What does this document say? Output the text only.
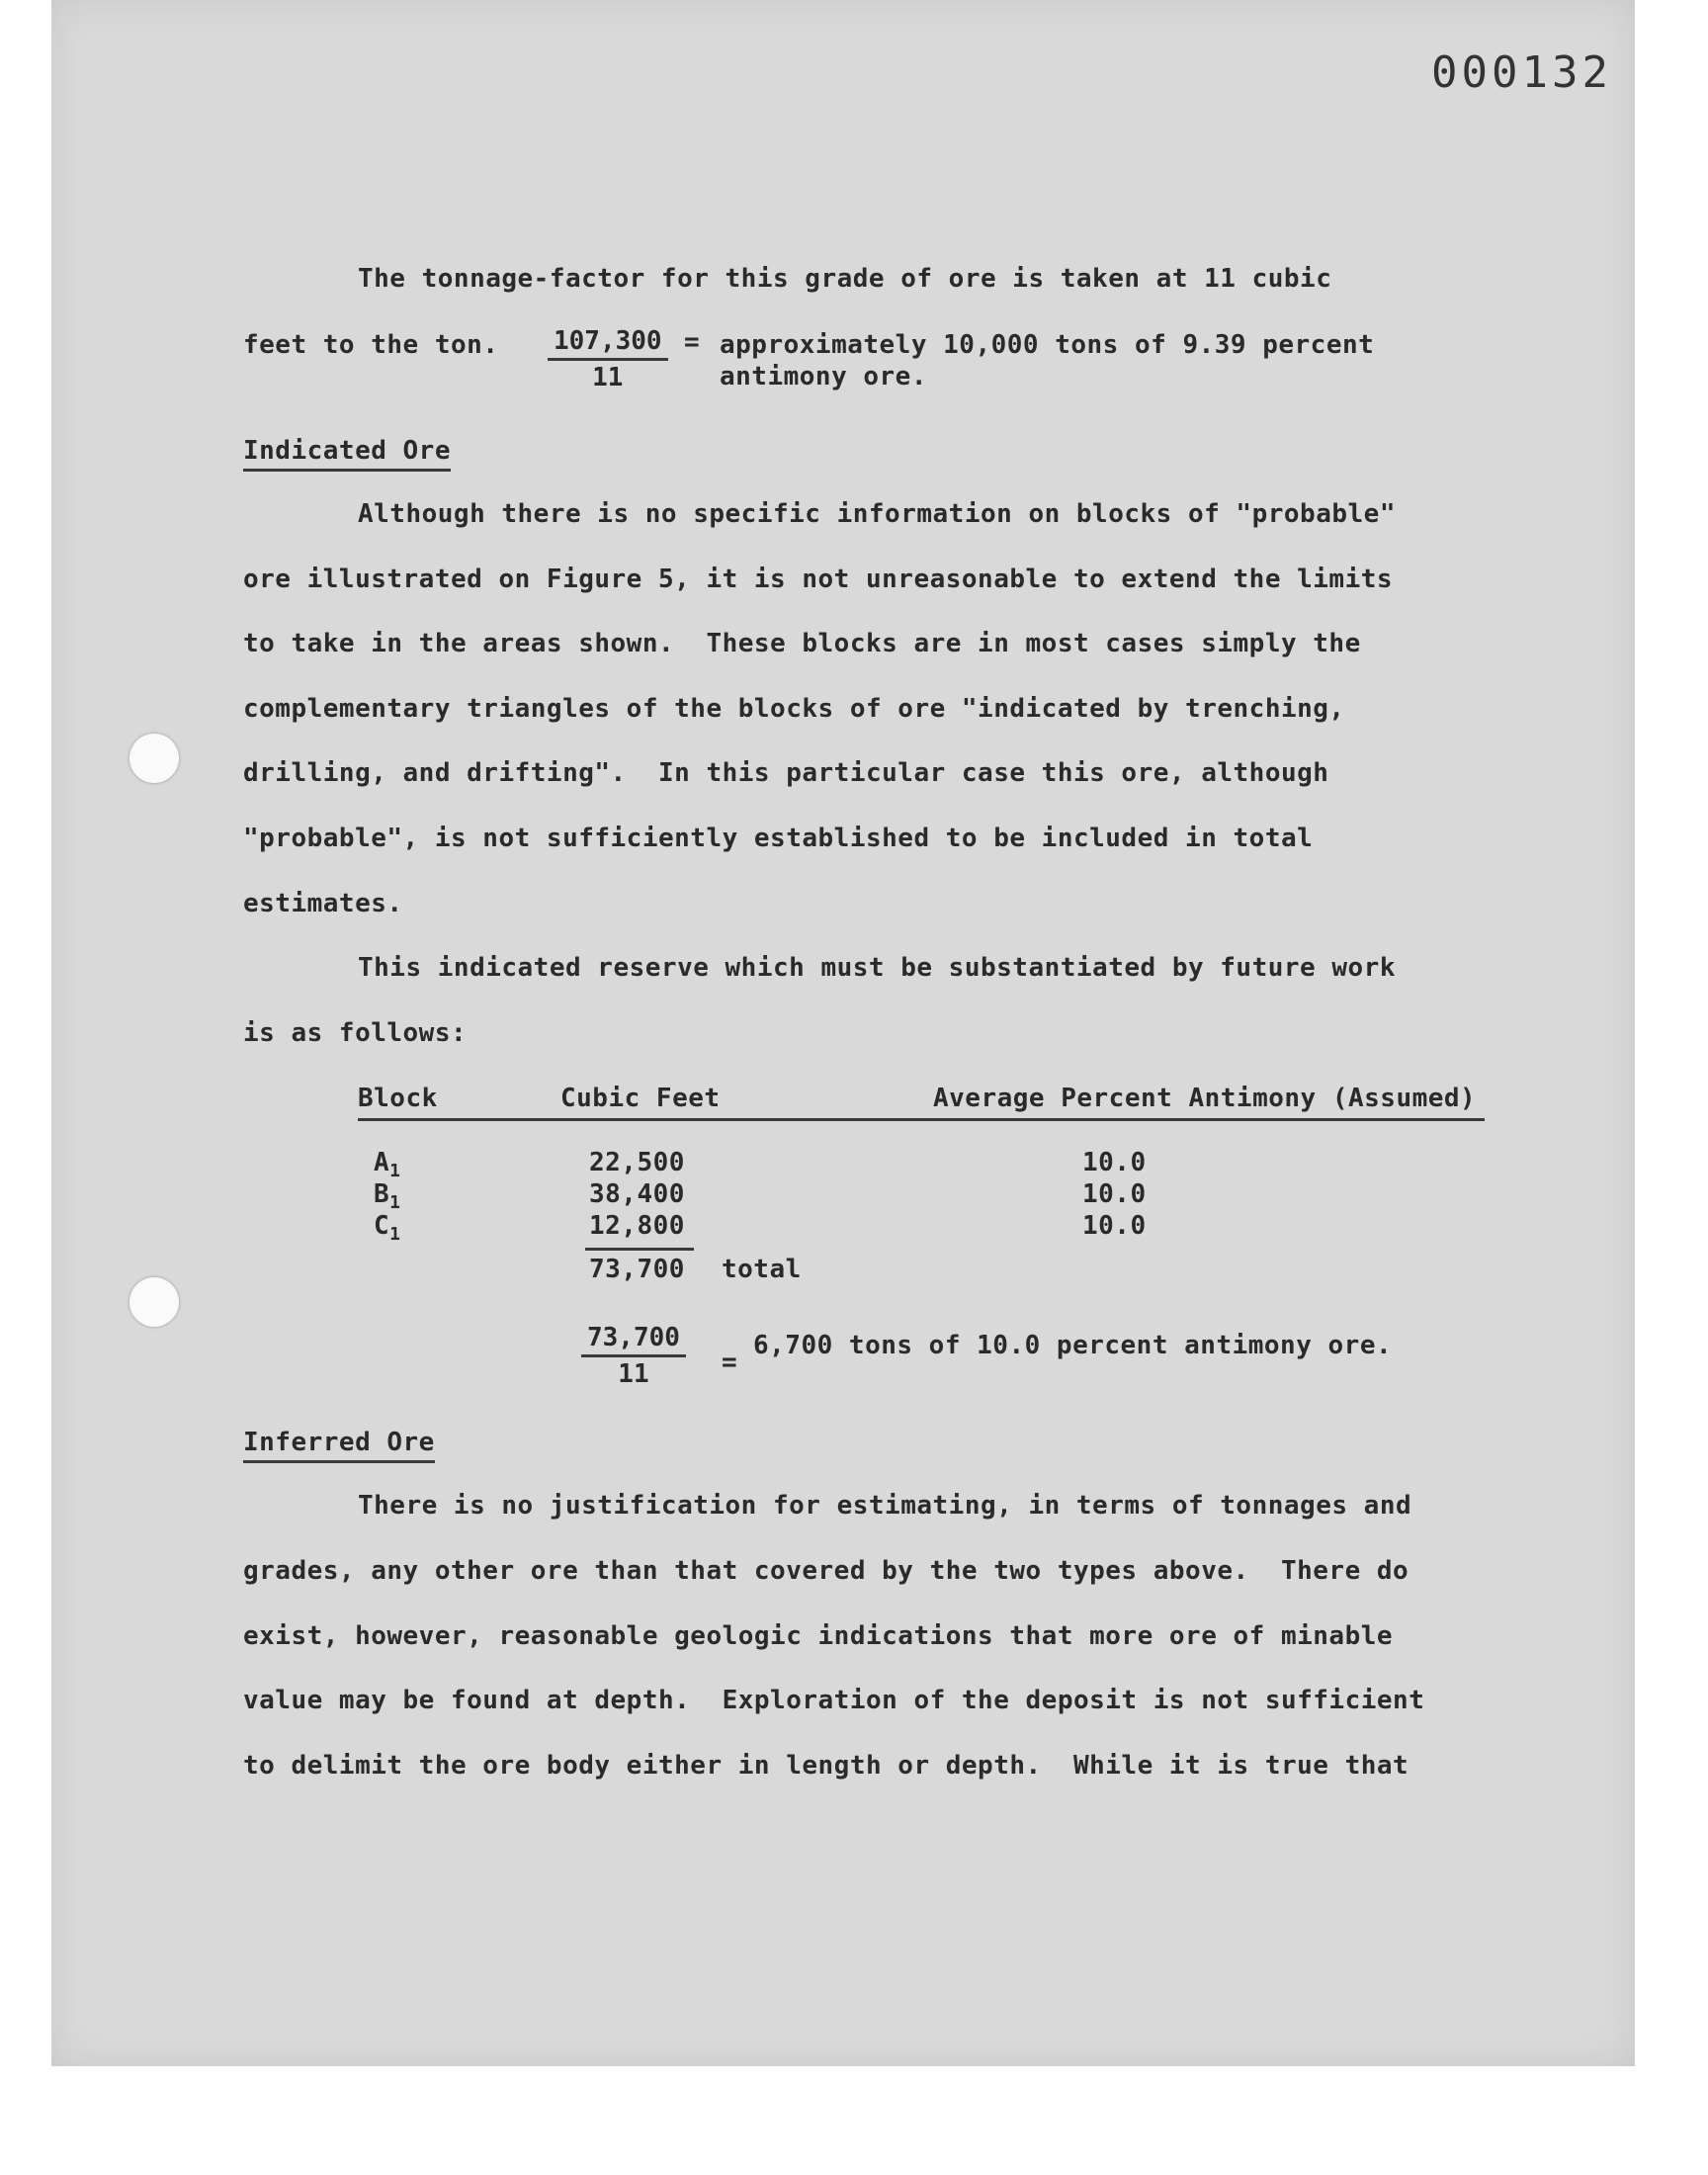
000132
The tonnage-factor for this grade of ore is taken at 11 cubic
feet to the ton. $\frac{107,300}{11}$ = approximately 10,000 tons of 9.39 percent
antimony ore.
Indicated Ore
Although there is no specific information on blocks of "probable"
ore illustrated on Figure 5, it is not unreasonable to extend the limits
to take in the areas shown.  These blocks are in most cases simply the
complementary triangles of the blocks of ore "indicated by trenching,
drilling, and drifting".  In this particular case this ore, although
"probable", is not sufficiently established to be included in total
estimates.
This indicated reserve which must be substantiated by future work
is as follows:
Block	Cubic Feet	Average Percent Antimony (Assumed)
$A_1$	22,500	10.0
$B_1$	38,400	10.0
$C_1$	12,800	10.0
73,700 total
$\frac{73,700}{11}$ =
6,700 tons of 10.0 percent antimony ore.
Inferred Ore
There is no justification for estimating, in terms of tonnages and
grades, any other ore than that covered by the two types above.  There do
exist, however, reasonable geologic indications that more ore of minable
value may be found at depth.  Exploration of the deposit is not sufficient
to delimit the ore body either in length or depth.  While it is true that
